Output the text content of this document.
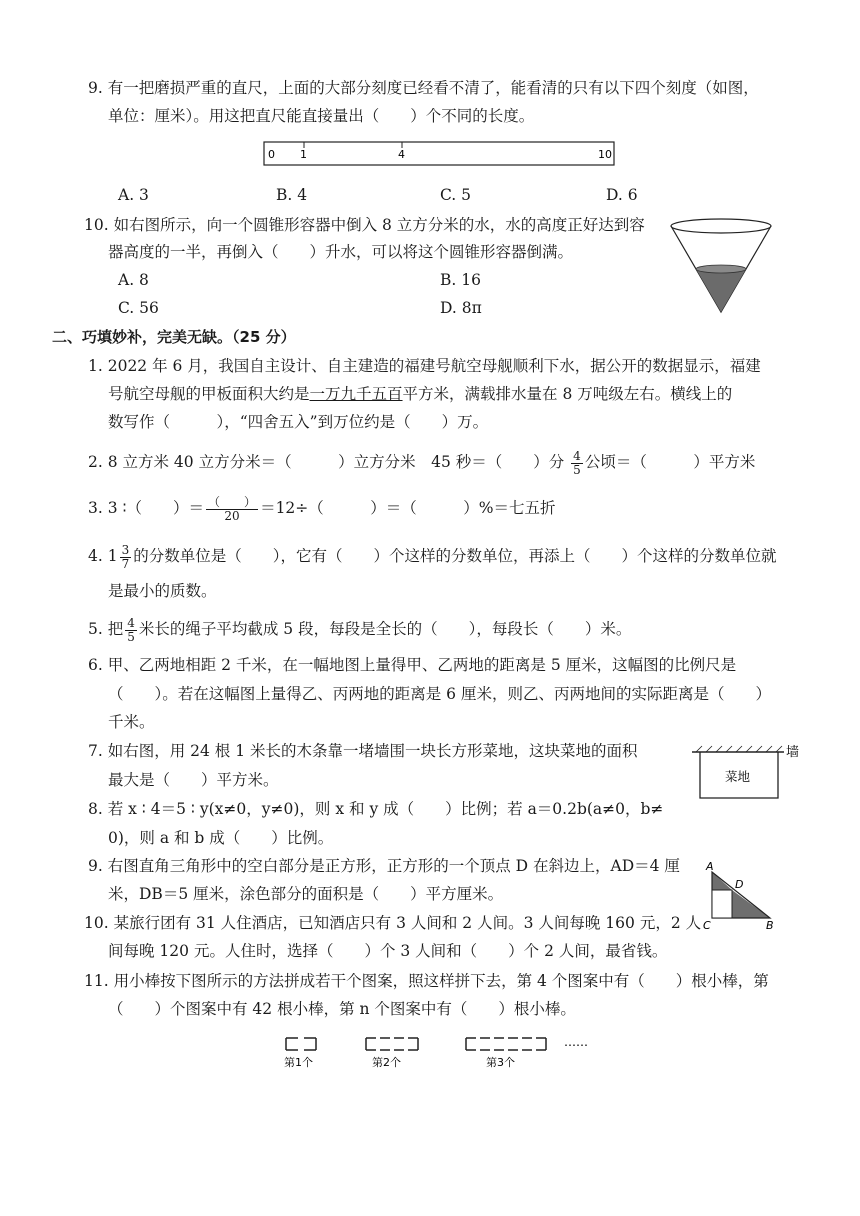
9. 有一把磨损严重的直尺，上面的大部分刻度已经看不清了，能看清的只有以下四个刻度（如图，
单位：厘米）。用这把直尺能直接量出（　　）个不同的长度。
0 1	4	10
A. 3	B. 4	C. 5	D. 6
10. 如右图所示，向一个圆锥形容器中倒入 8 立方分米的水，水的高度正好达到容
器高度的一半，再倒入（　　）升水，可以将这个圆锥形容器倒满。
A. 8	B. 16
C. 56	D. 8π
二、巧填妙补，完美无缺。（25 分）
1. 2022 年 6 月，我国自主设计、自主建造的福建号航空母舰顺利下水，据公开的数据显示，福建
号航空母舰的甲板面积大约是一万九千五百平方米，满载排水量在 8 万吨级左右。横线上的
数写作（　　　），“四舍五入”到万位约是（　　）万。
2. 8 立方米 40 立方分米＝（　　　）立方分米　45 秒＝（　　）分 $\frac{4}{5}$ 公顷＝（　　　）平方米
3. 3 ∶（　　）＝ $\frac{( )}{20} =12\div$（　　　）＝（　　　）%＝七五折
4. $1 \frac{3}{7}$ 的分数单位是（　　），它有（　　）个这样的分数单位，再添上（　　）个这样的分数单位就
是最小的质数。
5. 把 $\frac{4}{5}$ 米长的绳子平均截成 5 段，每段是全长的（　　），每段长（　　）米。
6. 甲、乙两地相距 2 千米，在一幅地图上量得甲、乙两地的距离是 5 厘米，这幅图的比例尺是
（　　）。若在这幅图上量得乙、丙两地的距离是 6 厘米，则乙、丙两地间的实际距离是（　　）
千米。
7. 如右图，用 24 根 1 米长的木条靠一堵墙围一块长方形菜地，这块菜地的面积
最大是（　　）平方米。
墙
菜地
8. 若 x ∶ 4＝5 ∶ y(x≠0，y≠0)，则 x 和 y 成（　　）比例；若 a＝0.2b(a≠0，b≠
0)，则 a 和 b 成（　　）比例。
9. 右图直角三角形中的空白部分是正方形，正方形的一个顶点 D 在斜边上，AD＝4 厘
米，DB＝5 厘米，涂色部分的面积是（　　）平方厘米。
A
D
C	B
10. 某旅行团有 31 人住酒店，已知酒店只有 3 人间和 2 人间。3 人间每晚 160 元，2 人
间每晚 120 元。人住时，选择（　　）个 3 人间和（　　）个 2 人间，最省钱。
11. 用小棒按下图所示的方法拼成若干个图案，照这样拼下去，第 4 个图案中有（　　）根小棒，第
（　　）个图案中有 42 根小棒，第 n 个图案中有（　　）根小棒。
……
第1个	第2个	第3个
